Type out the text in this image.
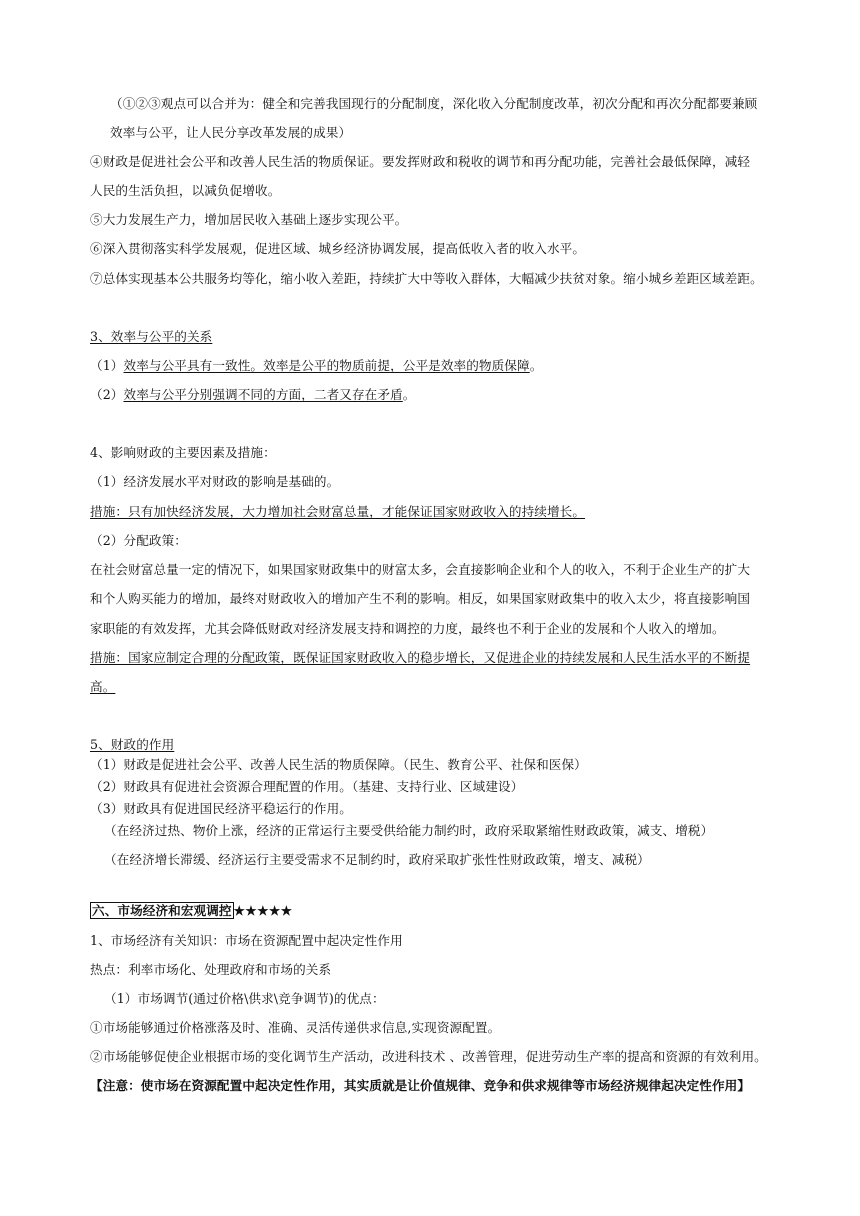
（①②③观点可以合并为：健全和完善我国现行的分配制度，深化收入分配制度改革，初次分配和再次分配都要兼顾
效率与公平，让人民分享改革发展的成果）
④财政是促进社会公平和改善人民生活的物质保证。要发挥财政和税收的调节和再分配功能，完善社会最低保障，减轻
人民的生活负担，以减负促增收。
⑤大力发展生产力，增加居民收入基础上逐步实现公平。
⑥深入贯彻落实科学发展观，促进区域、城乡经济协调发展，提高低收入者的收入水平。
⑦总体实现基本公共服务均等化，缩小收入差距，持续扩大中等收入群体，大幅减少扶贫对象。缩小城乡差距区域差距。
3、效率与公平的关系
（1）效率与公平具有一致性。效率是公平的物质前提，公平是效率的物质保障。
（2）效率与公平分别强调不同的方面，二者又存在矛盾。
4、影响财政的主要因素及措施：
（1）经济发展水平对财政的影响是基础的。
措施：只有加快经济发展，大力增加社会财富总量，才能保证国家财政收入的持续增长。
（2）分配政策：
在社会财富总量一定的情况下，如果国家财政集中的财富太多，会直接影响企业和个人的收入，不利于企业生产的扩大
和个人购买能力的增加，最终对财政收入的增加产生不利的影响。相反，如果国家财政集中的收入太少，将直接影响国
家职能的有效发挥，尤其会降低财政对经济发展支持和调控的力度，最终也不利于企业的发展和个人收入的增加。
措施：国家应制定合理的分配政策，既保证国家财政收入的稳步增长，又促进企业的持续发展和人民生活水平的不断提
高。
5、财政的作用
（1）财政是促进社会公平、改善人民生活的物质保障。（民生、教育公平、社保和医保）
（2）财政具有促进社会资源合理配置的作用。（基建、支持行业、区域建设）
（3）财政具有促进国民经济平稳运行的作用。
（在经济过热、物价上涨，经济的正常运行主要受供给能力制约时，政府采取紧缩性财政政策，减支、增税）
（在经济增长滞缓、经济运行主要受需求不足制约时，政府采取扩张性性财政政策，增支、减税）
六、市场经济和宏观调控 ★★★★★
1、市场经济有关知识：市场在资源配置中起决定性作用
热点：利率市场化、处理政府和市场的关系
（1）市场调节(通过价格\供求\竞争调节)的优点：
①市场能够通过价格涨落及时、准确、灵活传递供求信息,实现资源配置。
②市场能够促使企业根据市场的变化调节生产活动，改进科技术 、改善管理，促进劳动生产率的提高和资源的有效利用。
【注意：使市场在资源配置中起决定性作用，其实质就是让价值规律、竞争和供求规律等市场经济规律起决定性作用】
